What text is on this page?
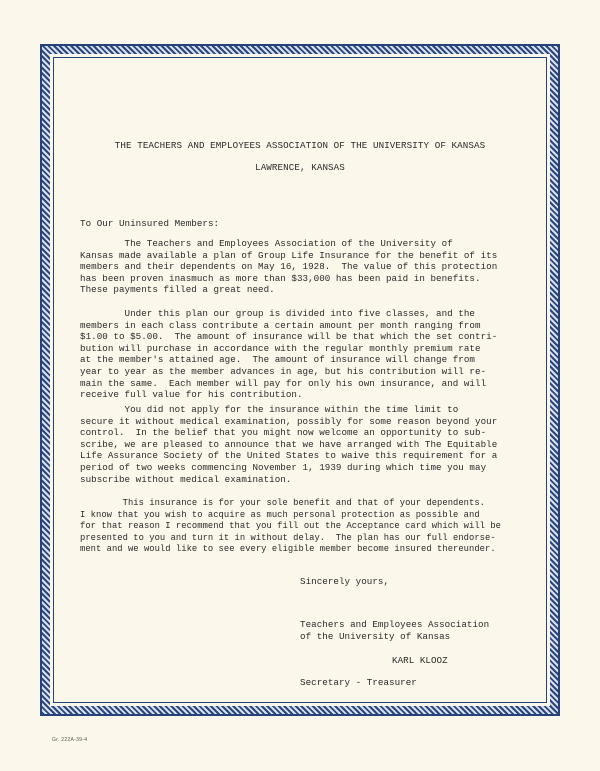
THE TEACHERS AND EMPLOYEES ASSOCIATION OF THE UNIVERSITY OF KANSAS
LAWRENCE, KANSAS

To Our Uninsured Members:

The Teachers and Employees Association of the University of
Kansas made available a plan of Group Life Insurance for the benefit of its
members and their dependents on May 16, 1928.  The value of this protection
has been proven inasmuch as more than $33,000 has been paid in benefits.
These payments filled a great need.

Under this plan our group is divided into five classes, and the
members in each class contribute a certain amount per month ranging from
$1.00 to $5.00.  The amount of insurance will be that which the set contri-
bution will purchase in accordance with the regular monthly premium rate
at the member's attained age.  The amount of insurance will change from
year to year as the member advances in age, but his contribution will re-
main the same.  Each member will pay for only his own insurance, and will
receive full value for his contribution.

You did not apply for the insurance within the time limit to
secure it without medical examination, possibly for some reason beyond your
control.  In the belief that you might now welcome an opportunity to sub-
scribe, we are pleased to announce that we have arranged with The Equitable
Life Assurance Society of the United States to waive this requirement for a
period of two weeks commencing November 1, 1939 during which time you may
subscribe without medical examination.

This insurance is for your sole benefit and that of your dependents.
I know that you wish to acquire as much personal protection as possible and
for that reason I recommend that you fill out the Acceptance card which will be
presented to you and turn it in without delay.  The plan has our full endorse-
ment and we would like to see every eligible member become insured thereunder.

Sincerely yours,

Teachers and Employees Association

of the University of Kansas

KARL KLOOZ

Secretary - Treasurer

Gr. 222A-39-4
